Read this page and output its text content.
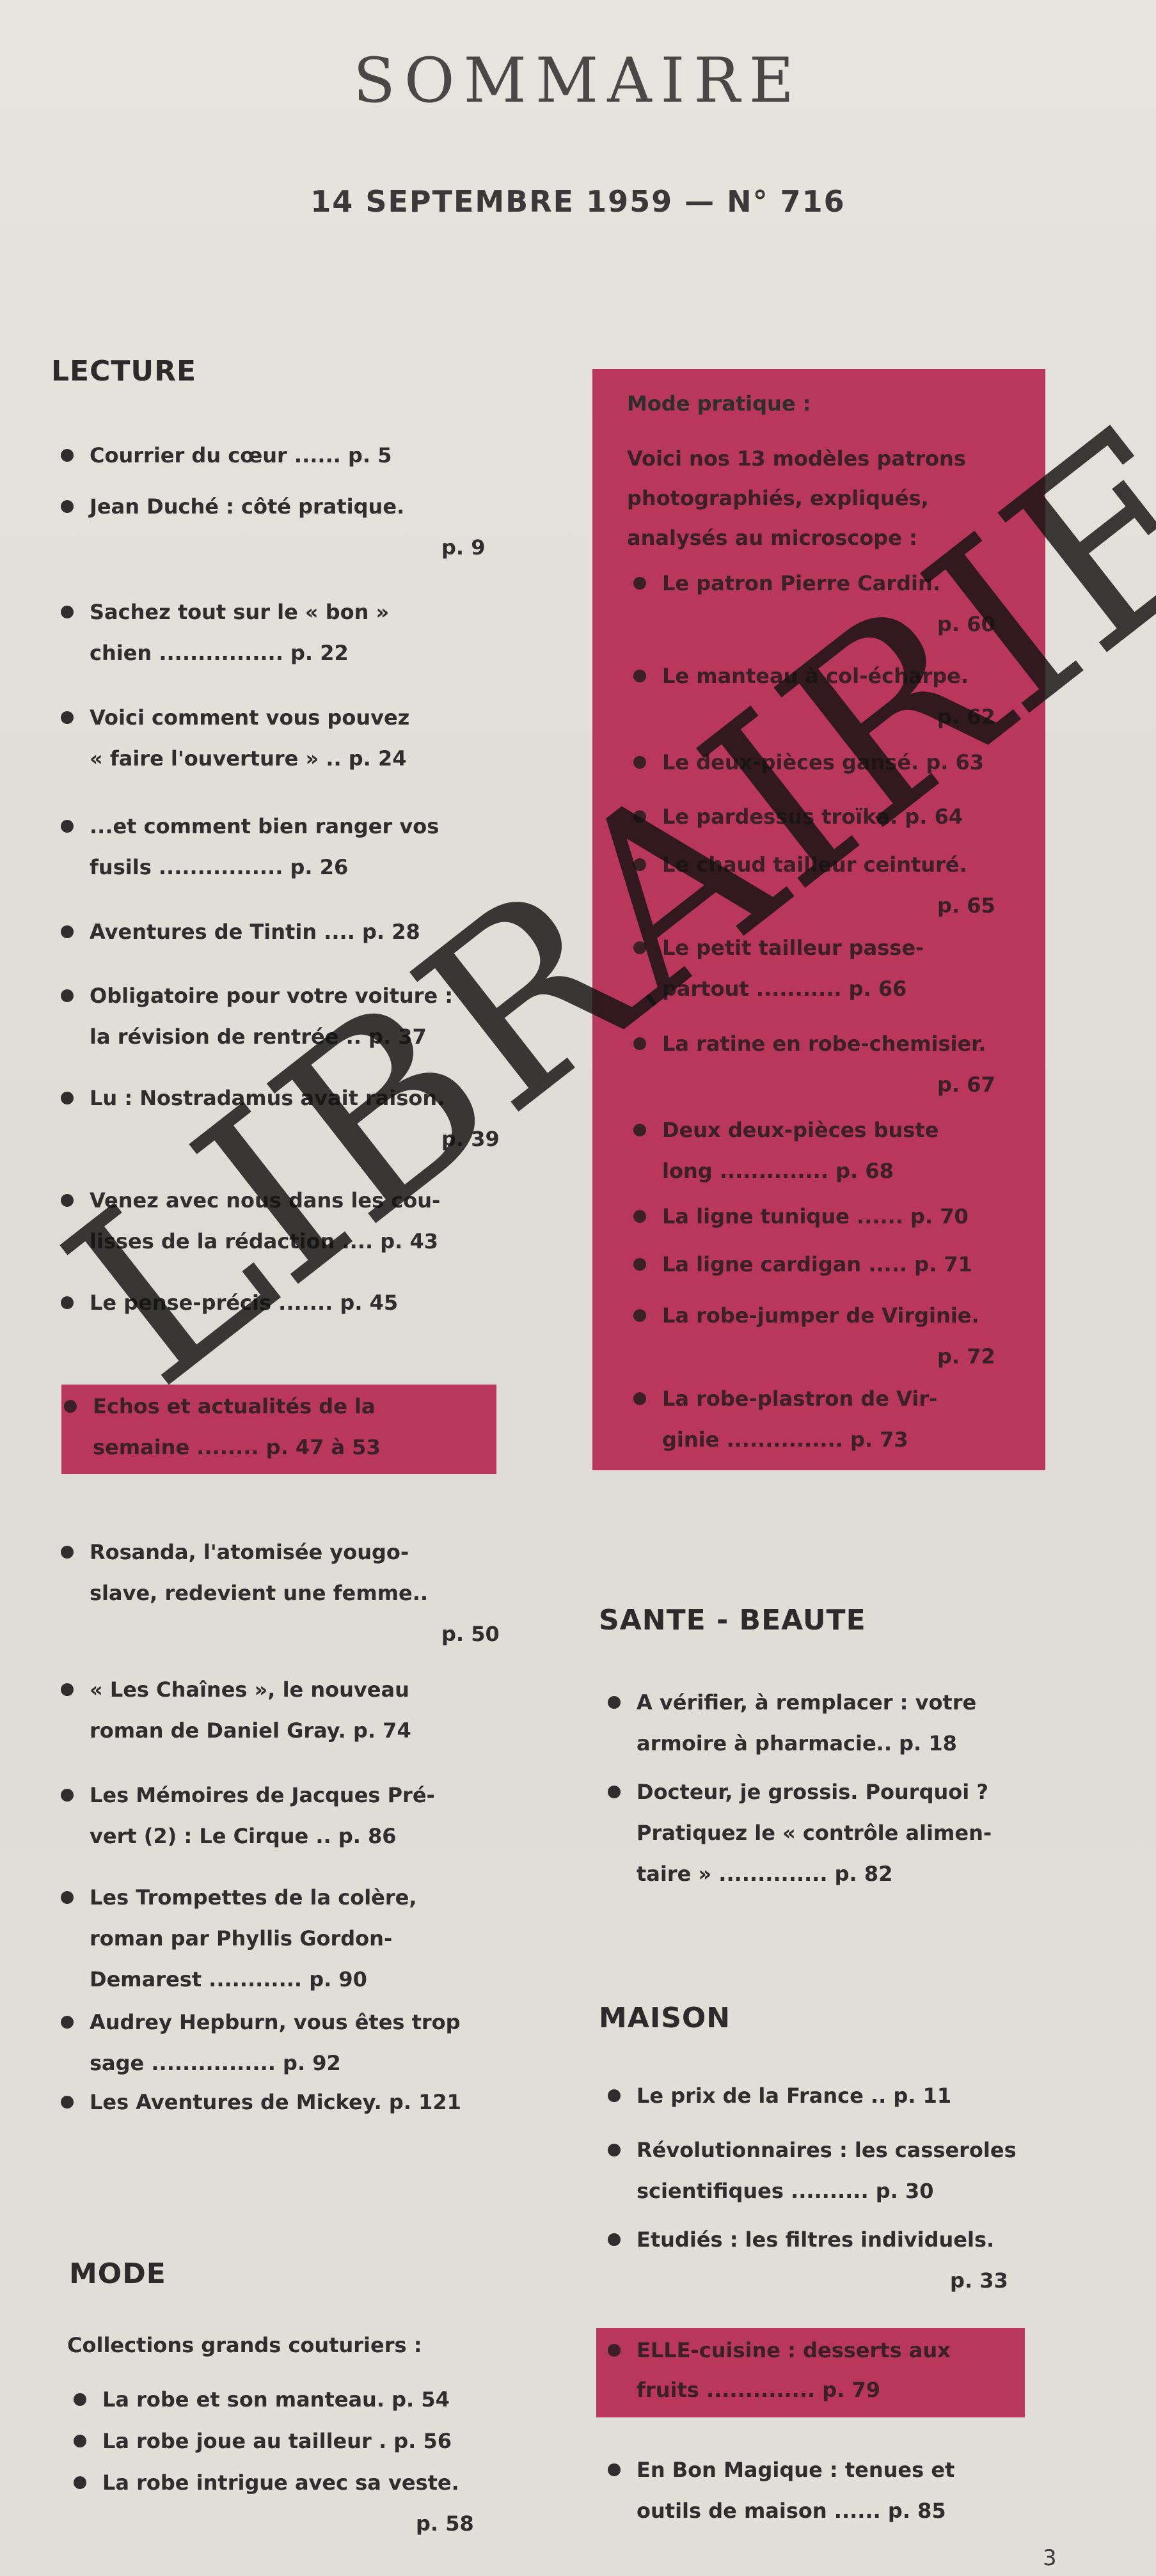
SOMMAIRE
14 SEPTEMBRE 1959 — N° 716
LECTURE
Courrier du cœur ...... p. 5
Jean Duché : côté pratique.
p. 9
Sachez tout sur le « bon »
chien ................ p. 22
Voici comment vous pouvez
« faire l'ouverture » .. p. 24
...et comment bien ranger vos
fusils ................ p. 26
Aventures de Tintin .... p. 28
Obligatoire pour votre voiture :
la révision de rentrée .. p. 37
Lu : Nostradamus avait raison.
p. 39
Venez avec nous dans les cou-
lisses de la rédaction .... p. 43
Le pense-précis ....... p. 45
Echos et actualités de la
semaine ........ p. 47 à 53
Rosanda, l'atomisée yougo-
slave, redevient une femme..
p. 50
« Les Chaînes », le nouveau
roman de Daniel Gray. p. 74
Les Mémoires de Jacques Pré-
vert (2) : Le Cirque .. p. 86
Les Trompettes de la colère,
roman par Phyllis Gordon-
Demarest ............ p. 90
Audrey Hepburn, vous êtes trop
sage ................ p. 92
Les Aventures de Mickey. p. 121
MODE
Collections grands couturiers :
La robe et son manteau. p. 54
La robe joue au tailleur . p. 56
La robe intrigue avec sa veste.
p. 58
Mode pratique :
Voici nos 13 modèles patrons
photographiés, expliqués,
analysés au microscope :
Le patron Pierre Cardin.
p. 60
Le manteau à col-écharpe.
p. 62
Le deux-pièces gansé. p. 63
Le pardessus troïka. p. 64
Le chaud tailleur ceinturé.
p. 65
Le petit tailleur passe-
partout ........... p. 66
La ratine en robe-chemisier.
p. 67
Deux deux-pièces buste
long .............. p. 68
La ligne tunique ...... p. 70
La ligne cardigan ..... p. 71
La robe-jumper de Virginie.
p. 72
La robe-plastron de Vir-
ginie ............... p. 73
SANTE - BEAUTE
A vérifier, à remplacer : votre
armoire à pharmacie.. p. 18
Docteur, je grossis. Pourquoi ?
Pratiquez le « contrôle alimen-
taire » .............. p. 82
MAISON
Le prix de la France .. p. 11
Révolutionnaires : les casseroles
scientifiques .......... p. 30
Etudiés : les filtres individuels.
p. 33
ELLE-cuisine : desserts aux
fruits .............. p. 79
En Bon Magique : tenues et
outils de maison ...... p. 85
3
